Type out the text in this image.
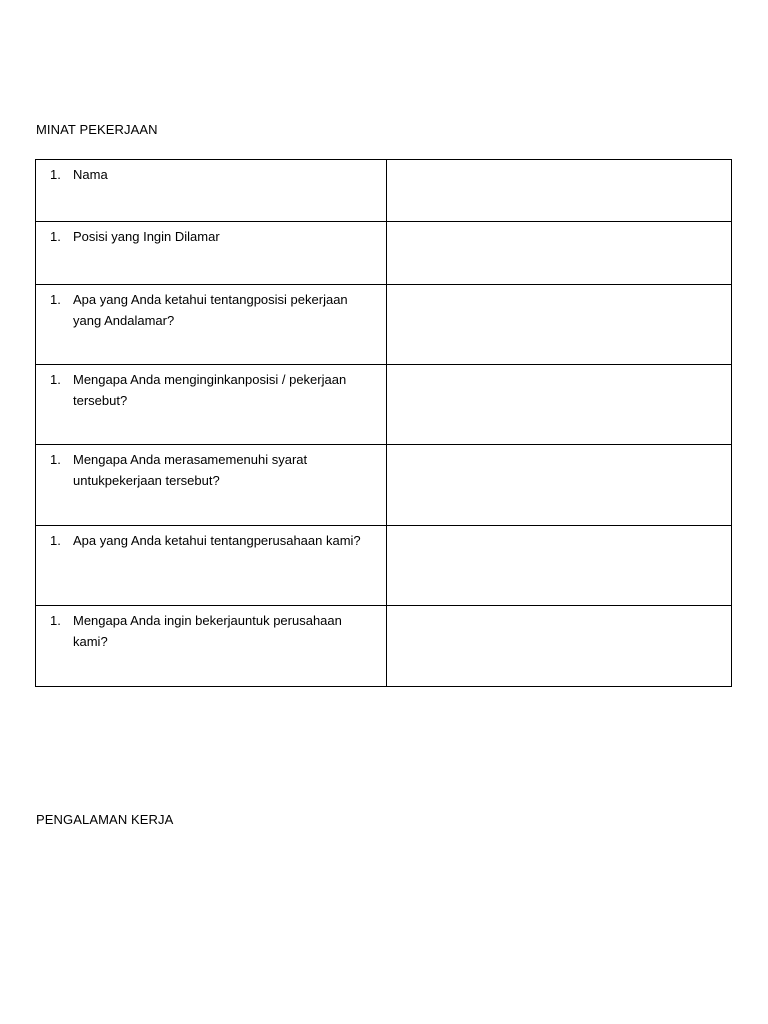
MINAT PEKERJAAN
1. Nama	

1. Posisi yang Ingin Dilamar	

1. Apa yang Anda ketahui tentangposisi pekerjaan yang Andalamar?	

1. Mengapa Anda menginginkanposisi / pekerjaan tersebut?	

1. Mengapa Anda merasamemenuhi syarat untukpekerjaan tersebut?	

1. Apa yang Anda ketahui tentangperusahaan kami?	

1. Mengapa Anda ingin bekerjauntuk perusahaan kami?	

PENGALAMAN KERJA
